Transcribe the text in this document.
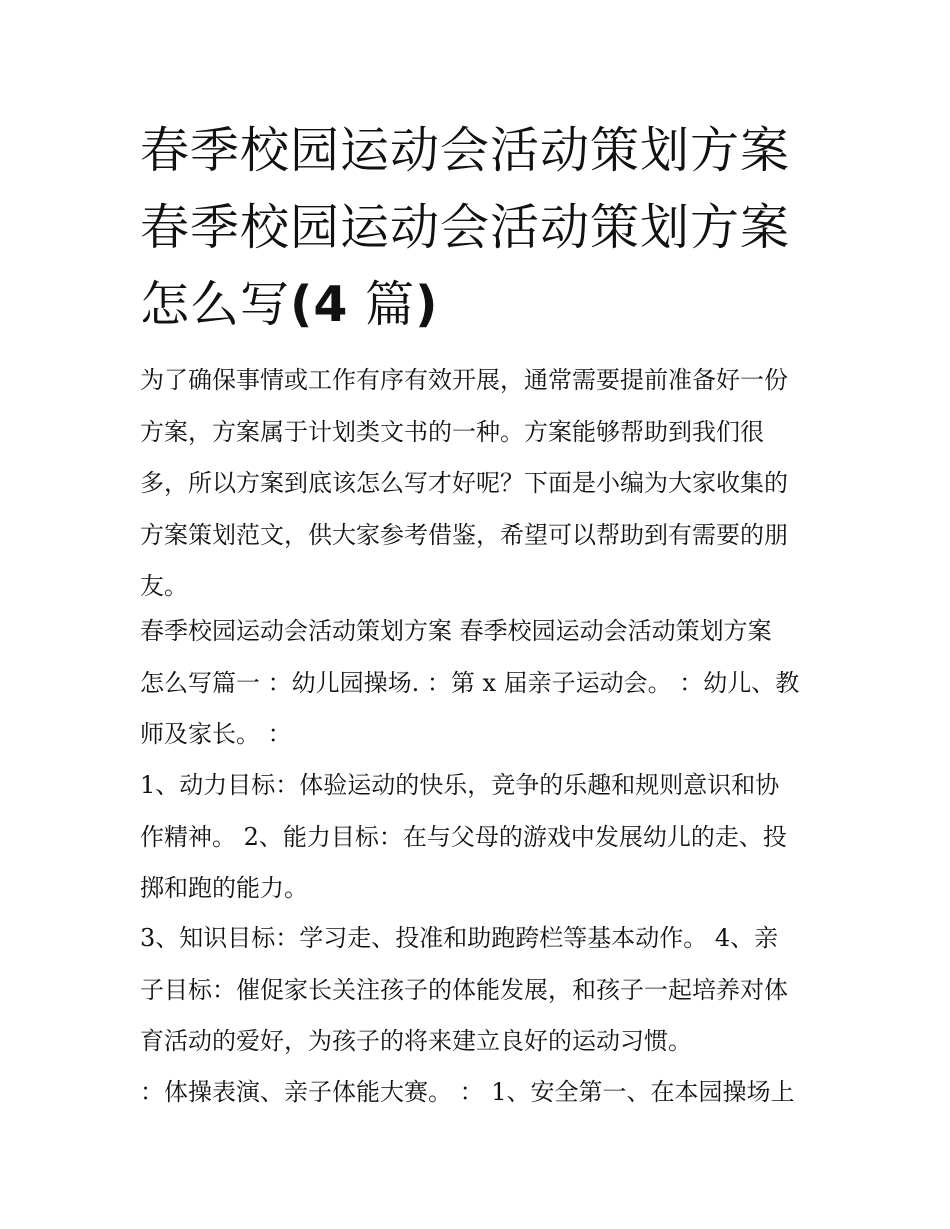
春季校园运动会活动策划方案
春季校园运动会活动策划方案
怎么写(4 篇)

为了确保事情或工作有序有效开展，通常需要提前准备好一份
方案，方案属于计划类文书的一种。方案能够帮助到我们很
多，所以方案到底该怎么写才好呢？下面是小编为大家收集的
方案策划范文，供大家参考借鉴，希望可以帮助到有需要的朋
友。

春季校园运动会活动策划方案 春季校园运动会活动策划方案
怎么写篇一 ：幼儿园操场. ：第 x 届亲子运动会。 ：幼儿、教
师及家长。 ：

1、动力目标：体验运动的快乐，竞争的乐趣和规则意识和协
作精神。 2、能力目标：在与父母的游戏中发展幼儿的走、投
掷和跑的能力。

3、知识目标：学习走、投准和助跑跨栏等基本动作。 4、亲
子目标：催促家长关注孩子的体能发展，和孩子一起培养对体
育活动的爱好，为孩子的将来建立良好的运动习惯。

：体操表演、亲子体能大赛。 ： 1、安全第一、在本园操场上
